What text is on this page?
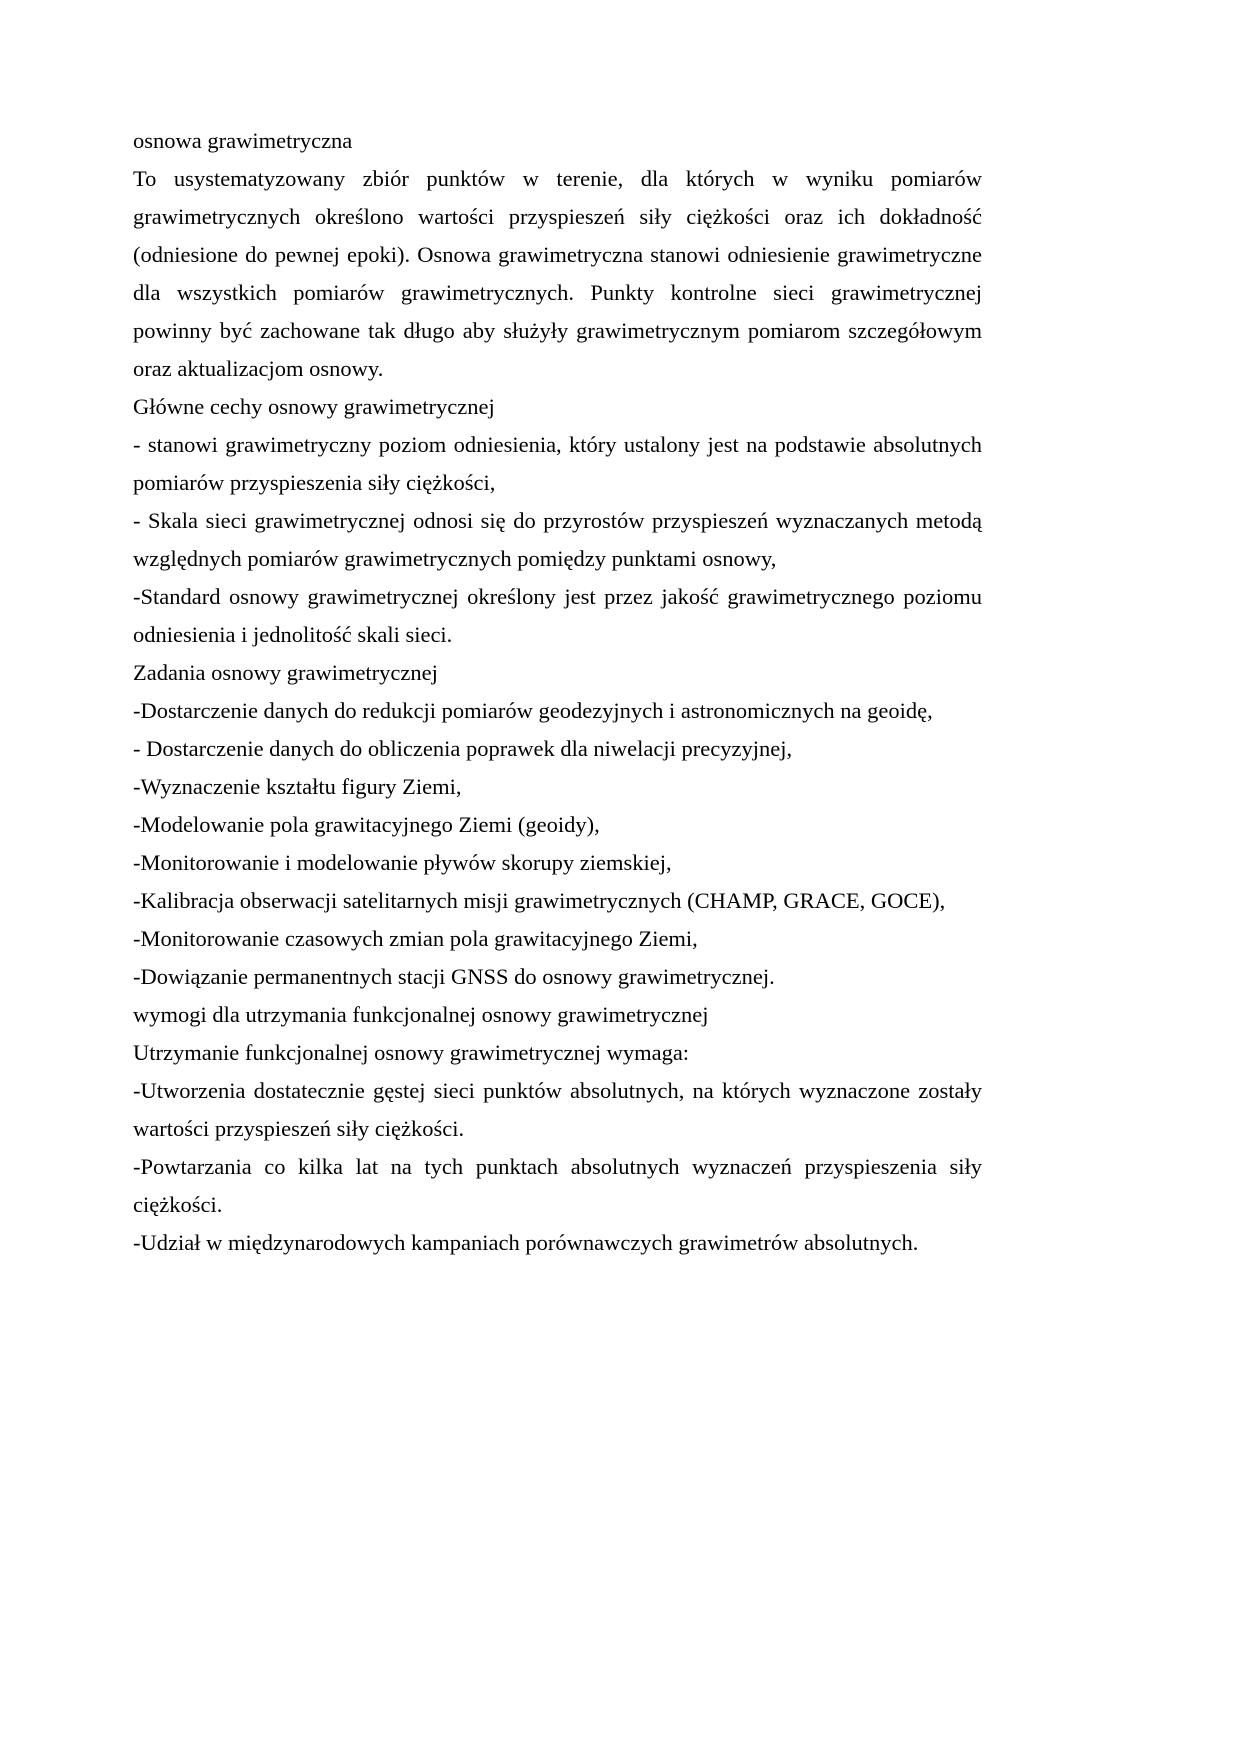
osnowa grawimetryczna

To usystematyzowany zbiór punktów w terenie, dla których w wyniku pomiarów grawimetrycznych określono wartości przyspieszeń siły ciężkości oraz ich dokładność (odniesione do pewnej epoki). Osnowa grawimetryczna stanowi odniesienie grawimetryczne dla wszystkich pomiarów grawimetrycznych. Punkty kontrolne sieci grawimetrycznej powinny być zachowane tak długo aby służyły grawimetrycznym pomiarom szczegółowym oraz aktualizacjom osnowy.

Główne cechy osnowy grawimetrycznej

- stanowi grawimetryczny poziom odniesienia, który ustalony jest na podstawie absolutnych pomiarów przyspieszenia siły ciężkości,

- Skala sieci grawimetrycznej odnosi się do przyrostów przyspieszeń wyznaczanych metodą względnych pomiarów grawimetrycznych pomiędzy punktami osnowy,

-Standard osnowy grawimetrycznej określony jest przez jakość grawimetrycznego poziomu odniesienia i jednolitość skali sieci.

Zadania osnowy grawimetrycznej

-Dostarczenie danych do redukcji pomiarów geodezyjnych i astronomicznych na geoidę,

- Dostarczenie danych do obliczenia poprawek dla niwelacji precyzyjnej,

-Wyznaczenie kształtu figury Ziemi,

-Modelowanie pola grawitacyjnego Ziemi (geoidy),

-Monitorowanie i modelowanie pływów skorupy ziemskiej,

-Kalibracja obserwacji satelitarnych misji grawimetrycznych (CHAMP, GRACE, GOCE),

-Monitorowanie czasowych zmian pola grawitacyjnego Ziemi,

-Dowiązanie permanentnych stacji GNSS do osnowy grawimetrycznej.

wymogi dla utrzymania funkcjonalnej osnowy grawimetrycznej

Utrzymanie funkcjonalnej osnowy grawimetrycznej wymaga:

-Utworzenia dostatecznie gęstej sieci punktów absolutnych, na których wyznaczone zostały wartości przyspieszeń siły ciężkości.

-Powtarzania co kilka lat na tych punktach absolutnych wyznaczeń przyspieszenia siły ciężkości.

-Udział w międzynarodowych kampaniach porównawczych grawimetrów absolutnych.
